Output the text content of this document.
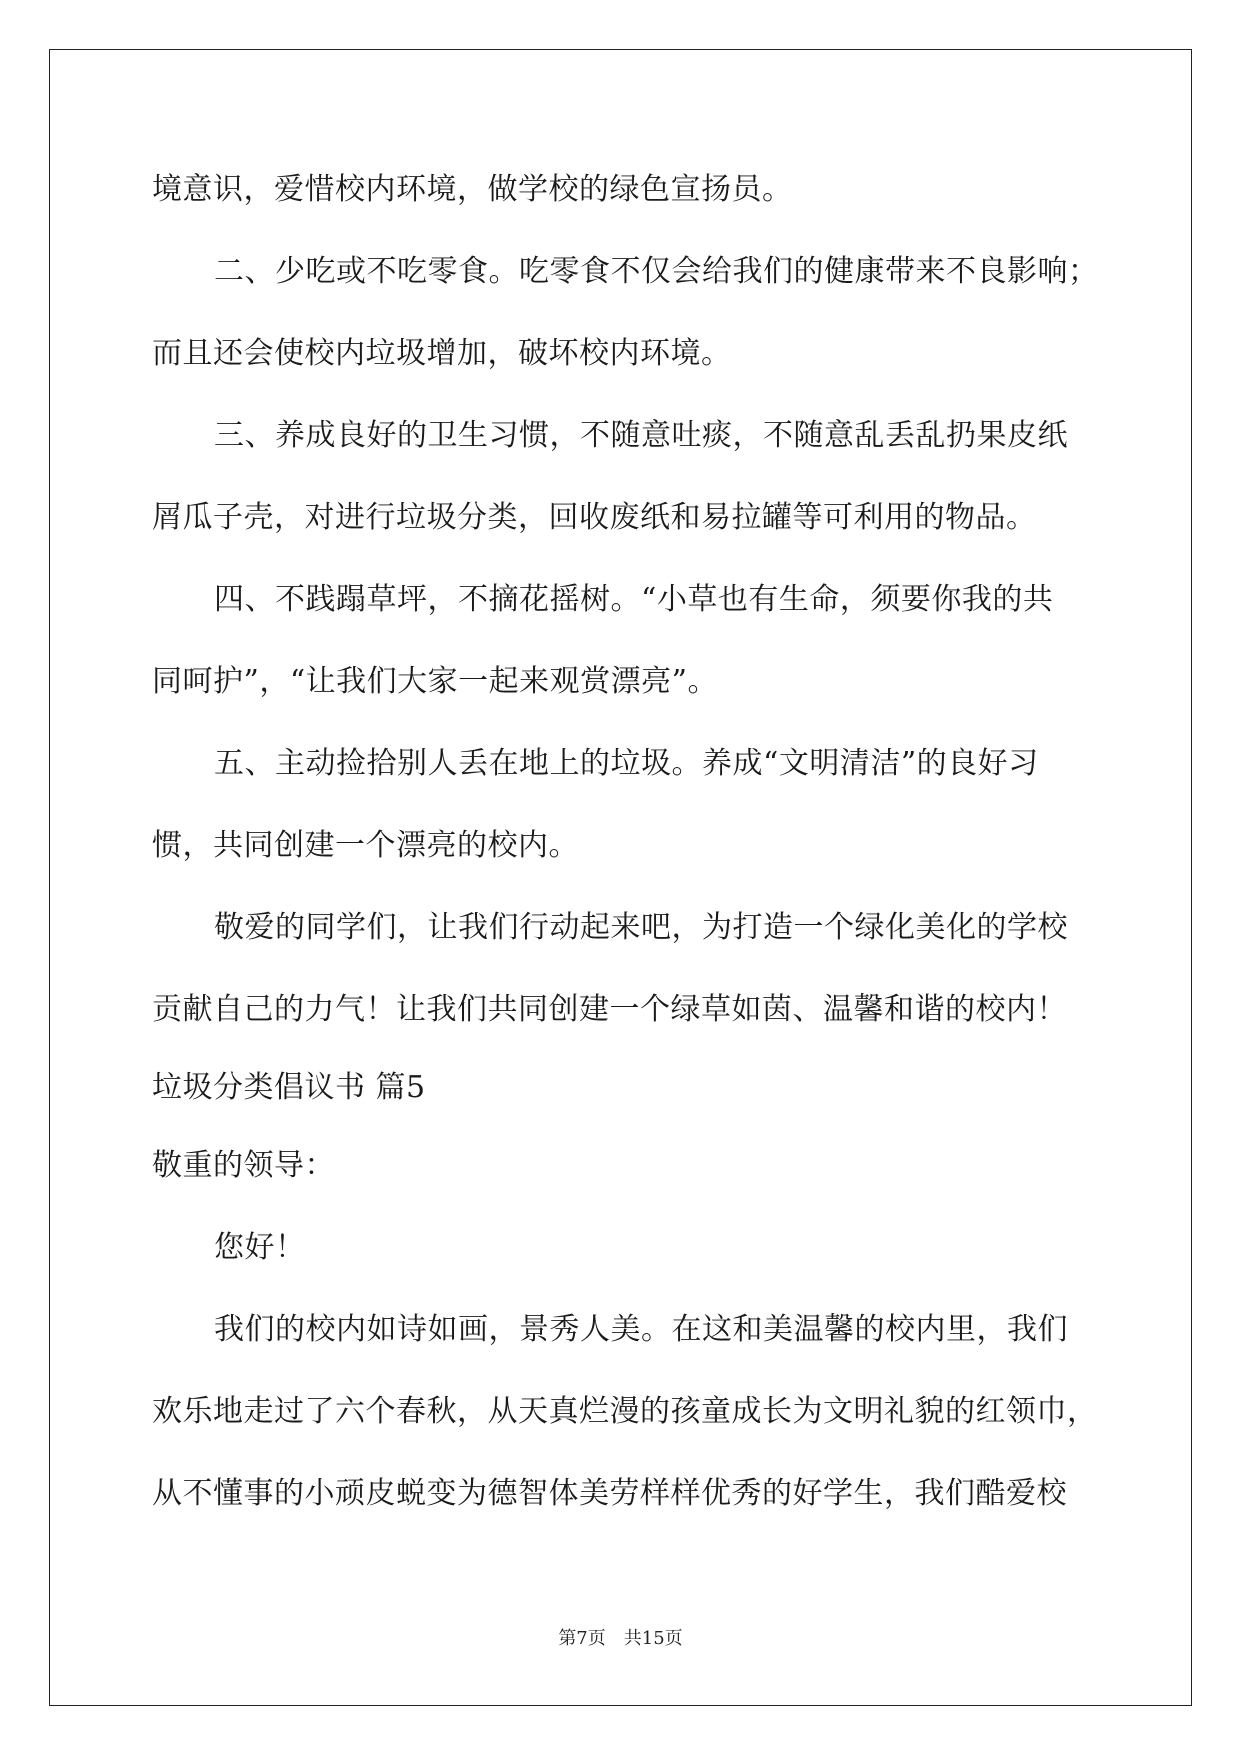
境意识，爱惜校内环境，做学校的绿色宣扬员。
二、少吃或不吃零食。吃零食不仅会给我们的健康带来不良影响；
而且还会使校内垃圾增加，破坏校内环境。
三、养成良好的卫生习惯，不随意吐痰，不随意乱丢乱扔果皮纸
屑瓜子壳，对进行垃圾分类，回收废纸和易拉罐等可利用的物品。
四、不践蹋草坪，不摘花摇树。“小草也有生命，须要你我的共
同呵护”，“让我们大家一起来观赏漂亮”。
五、主动捡拾别人丢在地上的垃圾。养成“文明清洁”的良好习
惯，共同创建一个漂亮的校内。
敬爱的同学们，让我们行动起来吧，为打造一个绿化美化的学校
贡献自己的力气！让我们共同创建一个绿草如茵、温馨和谐的校内！
垃圾分类倡议书 篇5
敬重的领导：
您好！
我们的校内如诗如画，景秀人美。在这和美温馨的校内里，我们
欢乐地走过了六个春秋，从天真烂漫的孩童成长为文明礼貌的红领巾，
从不懂事的小顽皮蜕变为德智体美劳样样优秀的好学生，我们酷爱校
第7页　共15页
